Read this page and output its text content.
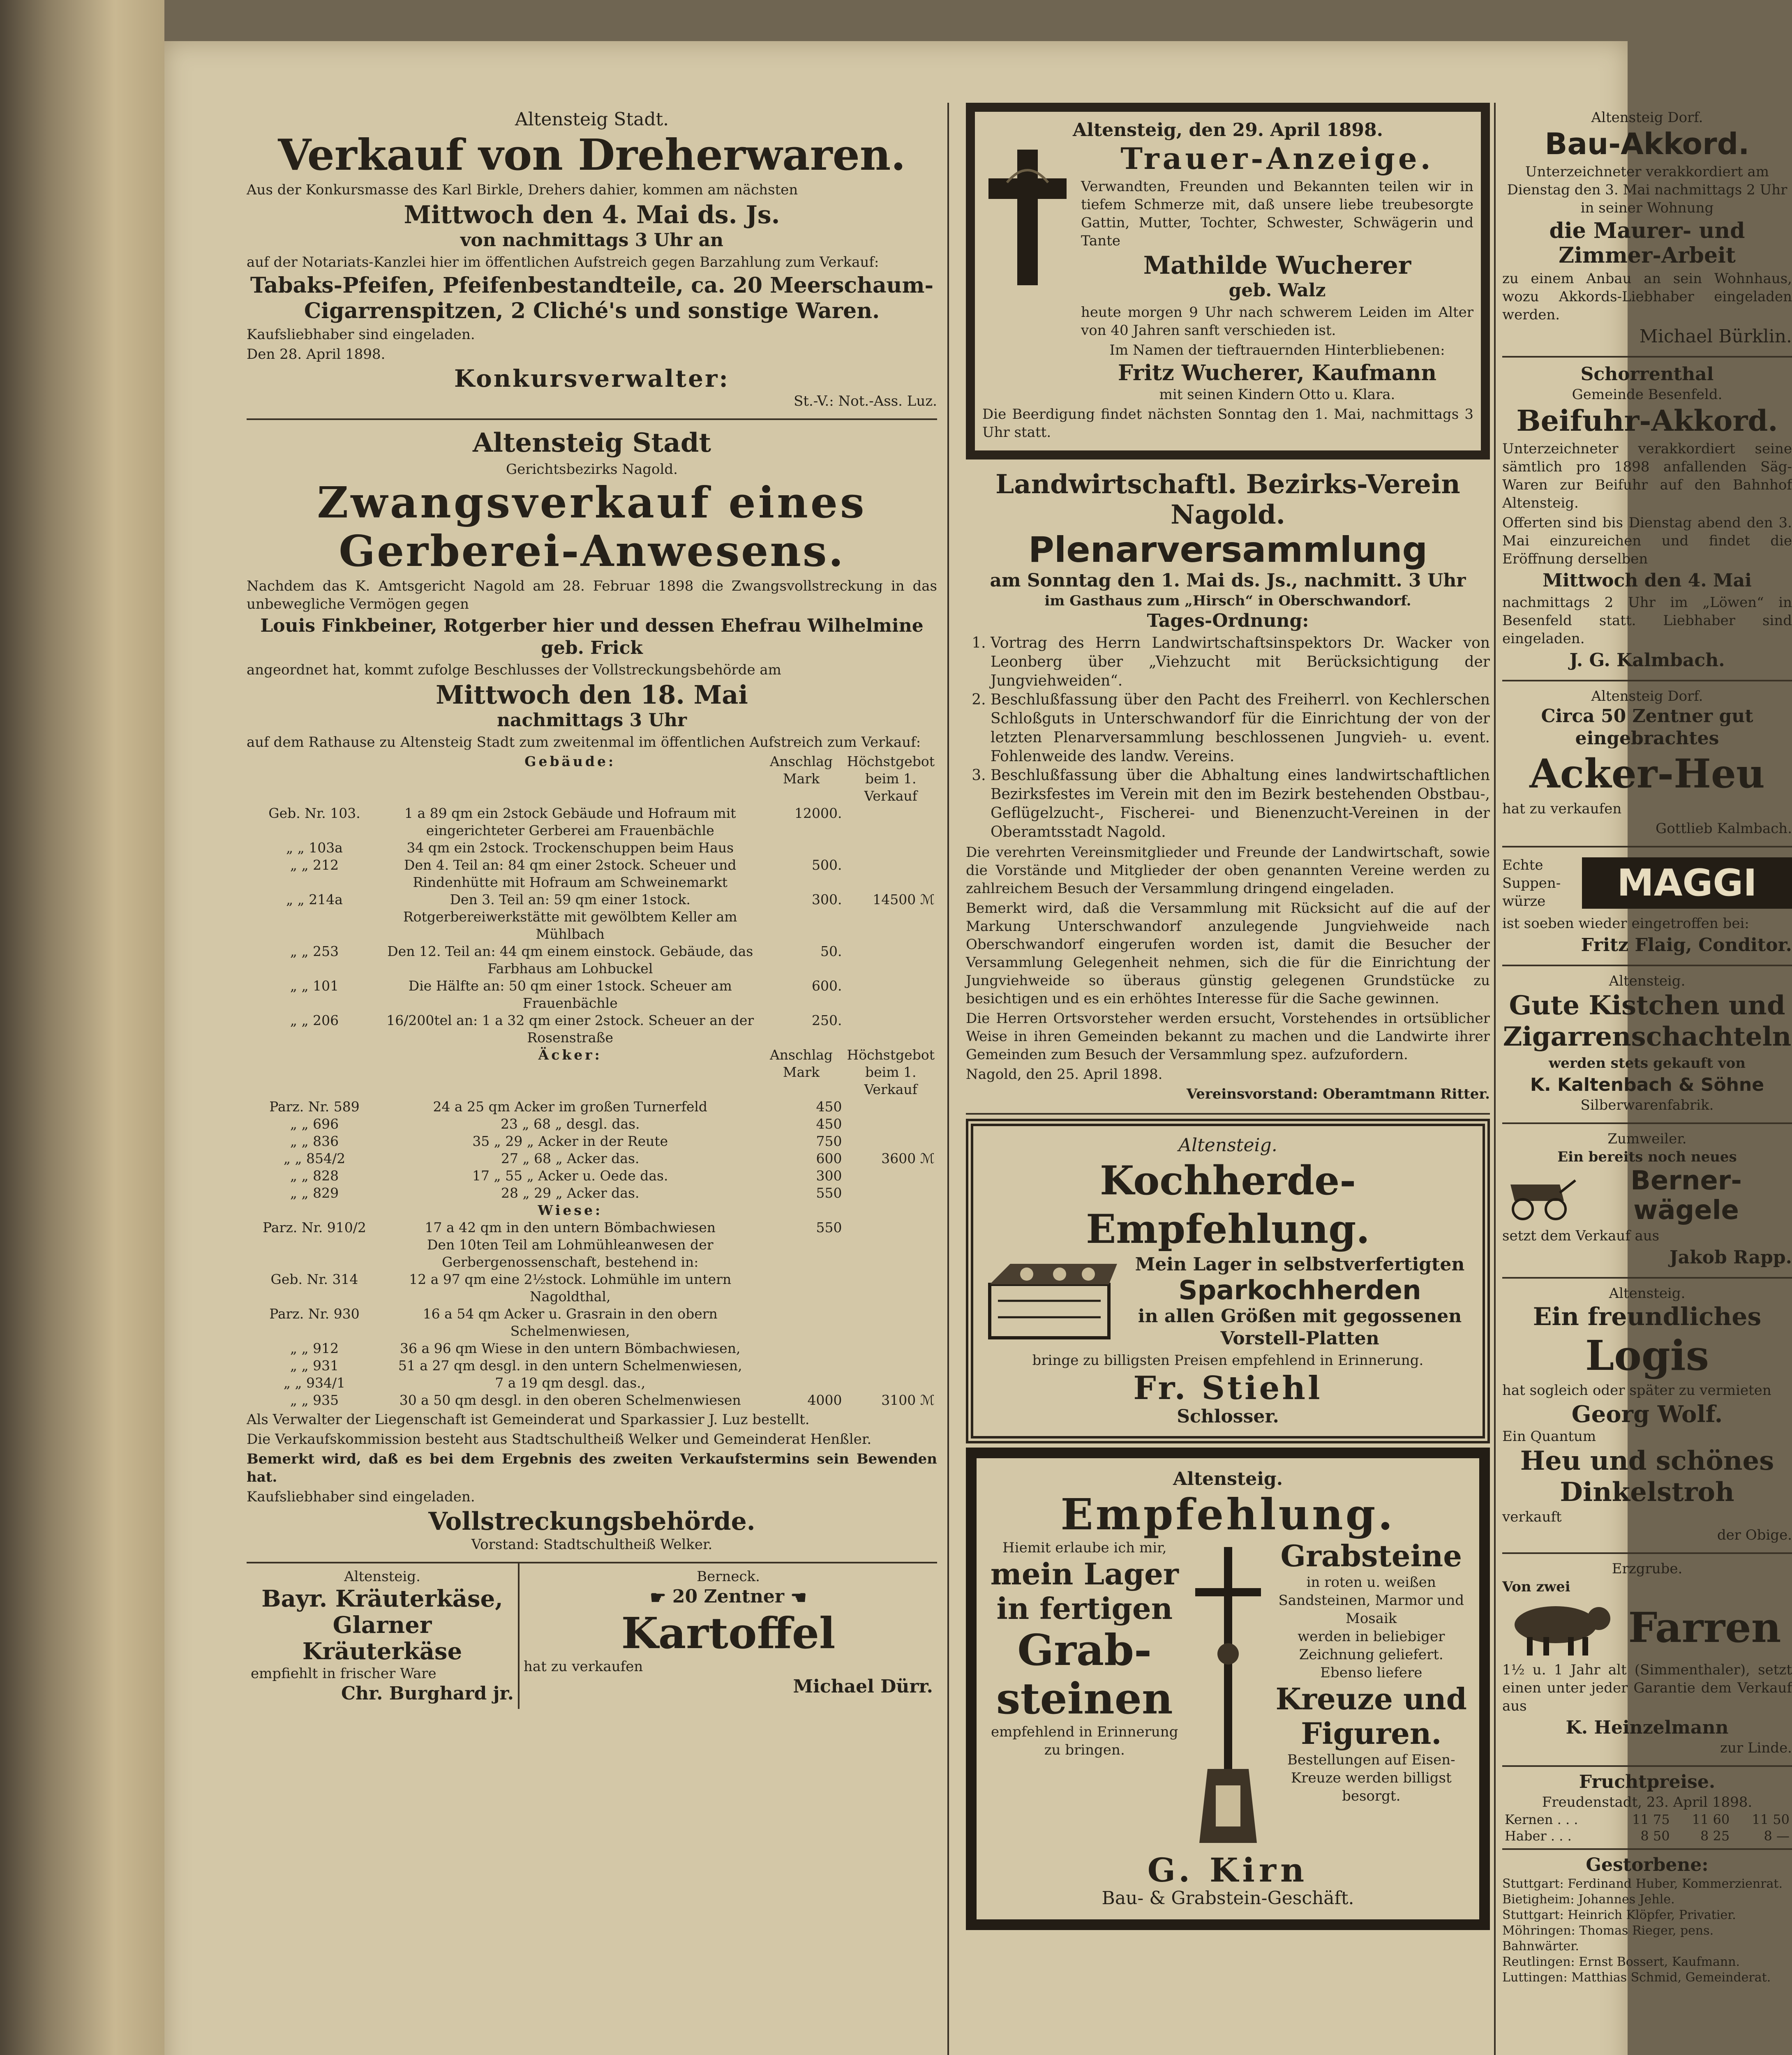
Altensteig Stadt.
Verkauf von Dreherwaren.

Aus der Konkursmasse des Karl Birkle, Drehers dahier, kommen am nächsten

Mittwoch den 4. Mai ds. Js.
von nachmittags 3 Uhr an

auf der Notariats-Kanzlei hier im öffentlichen Aufstreich gegen Barzahlung zum Verkauf:

Tabaks-Pfeifen, Pfeifenbestandteile, ca. 20 Meerschaum-Cigarrenspitzen, 2 Cliché's und sonstige Waren.

Kaufsliebhaber sind eingeladen.

Den 28. April 1898.

Konkursverwalter:
St.-V.: Not.-Ass. Luz.
Altensteig Stadt
Gerichtsbezirks Nagold.
Zwangsverkauf eines
Gerberei-Anwesens.

Nachdem das K. Amtsgericht Nagold am 28. Februar 1898 die Zwangsvollstreckung in das unbewegliche Vermögen gegen

Louis Finkbeiner, Rotgerber hier und dessen Ehefrau Wilhelmine geb. Frick

angeordnet hat, kommt zufolge Beschlusses der Vollstreckungsbehörde am

Mittwoch den 18. Mai
nachmittags 3 Uhr

auf dem Rathause zu Altensteig Stadt zum zweitenmal im öffentlichen Aufstreich zum Verkauf:

	Gebäude:	Anschlag Mark	Höchstgebot beim 1. Verkauf
Geb. Nr. 103.	1 a 89 qm ein 2stock Gebäude und Hofraum mit eingerichteter Gerberei am Frauenbächle	12000.	
„ „ 103a	34 qm ein 2stock. Trockenschuppen beim Haus		
„ „ 212	Den 4. Teil an: 84 qm einer 2stock. Scheuer und Rindenhütte mit Hofraum am Schweinemarkt	500.	
„ „ 214a	Den 3. Teil an: 59 qm einer 1stock. Rotgerbereiwerkstätte mit gewölbtem Keller am Mühlbach	300.	14500 ℳ
„ „ 253	Den 12. Teil an: 44 qm einem einstock. Gebäude, das Farbhaus am Lohbuckel	50.	
„ „ 101	Die Hälfte an: 50 qm einer 1stock. Scheuer am Frauenbächle	600.	
„ „ 206	16/200tel an: 1 a 32 qm einer 2stock. Scheuer an der Rosenstraße	250.	
	Äcker:	Anschlag Mark	Höchstgebot beim 1. Verkauf
Parz. Nr. 589	24 a 25 qm Acker im großen Turnerfeld	450	
„ „ 696	23 „ 68 „ desgl. das.	450	
„ „ 836	35 „ 29 „ Acker in der Reute	750	
„ „ 854/2	27 „ 68 „ Acker das.	600	3600 ℳ
„ „ 828	17 „ 55 „ Acker u. Oede das.	300	
„ „ 829	28 „ 29 „ Acker das.	550	
	Wiese:		
Parz. Nr. 910/2	17 a 42 qm in den untern Bömbachwiesen	550	
	Den 10ten Teil am Lohmühleanwesen der Gerbergenossenschaft, bestehend in:		
Geb. Nr. 314	12 a 97 qm eine 2½stock. Lohmühle im untern Nagoldthal,		
Parz. Nr. 930	16 a 54 qm Acker u. Grasrain in den obern Schelmenwiesen,		
„ „ 912	36 a 96 qm Wiese in den untern Bömbachwiesen,		
„ „ 931	51 a 27 qm desgl. in den untern Schelmenwiesen,		
„ „ 934/1	7 a 19 qm desgl. das.,		
„ „ 935	30 a 50 qm desgl. in den oberen Schelmenwiesen	4000	3100 ℳ

Als Verwalter der Liegenschaft ist Gemeinderat und Sparkassier J. Luz bestellt.

Die Verkaufskommission besteht aus Stadtschultheiß Welker und Gemeinderat Henßler.

Bemerkt wird, daß es bei dem Ergebnis des zweiten Verkaufstermins sein Bewenden hat.

Kaufsliebhaber sind eingeladen.

Vollstreckungsbehörde.
Vorstand: Stadtschultheiß Welker.
Altensteig.
Bayr. Kräuterkäse,
Glarner Kräuterkäse
empfiehlt in frischer Ware
Chr. Burghard jr.
Berneck.
☛ 20 Zentner ☚
Kartoffel
hat zu verkaufen
Michael Dürr.
Altensteig, den 29. April 1898.
Trauer-Anzeige.

Verwandten, Freunden und Bekannten teilen wir in tiefem Schmerze mit, daß unsere liebe treubesorgte Gattin, Mutter, Tochter, Schwester, Schwägerin und Tante

Mathilde Wucherer
geb. Walz

heute morgen 9 Uhr nach schwerem Leiden im Alter von 40 Jahren sanft verschieden ist.

Im Namen der tieftrauernden Hinterbliebenen:

Fritz Wucherer, Kaufmann
mit seinen Kindern Otto u. Klara.

Die Beerdigung findet nächsten Sonntag den 1. Mai, nachmittags 3 Uhr statt.

Landwirtschaftl. Bezirks-Verein Nagold.
Plenarversammlung
am Sonntag den 1. Mai ds. Js., nachmitt. 3 Uhr
im Gasthaus zum „Hirsch“ in Oberschwandorf.
Tages-Ordnung:
1. Vortrag des Herrn Landwirtschaftsinspektors Dr. Wacker von Leonberg über „Viehzucht mit Berücksichtigung der Jungviehweiden“.
2. Beschlußfassung über den Pacht des Freiherrl. von Kechlerschen Schloßguts in Unterschwandorf für die Einrichtung der von der letzten Plenarversammlung beschlossenen Jungvieh- u. event. Fohlenweide des landw. Vereins.
3. Beschlußfassung über die Abhaltung eines landwirtschaftlichen Bezirksfestes im Verein mit den im Bezirk bestehenden Obstbau-, Geflügelzucht-, Fischerei- und Bienenzucht-Vereinen in der Oberamtsstadt Nagold.

Die verehrten Vereinsmitglieder und Freunde der Landwirtschaft, sowie die Vorstände und Mitglieder der oben genannten Vereine werden zu zahlreichem Besuch der Versammlung dringend eingeladen.

Bemerkt wird, daß die Versammlung mit Rücksicht auf die auf der Markung Unterschwandorf anzulegende Jungviehweide nach Oberschwandorf eingerufen worden ist, damit die Besucher der Versammlung Gelegenheit nehmen, sich die für die Einrichtung der Jungviehweide so überaus günstig gelegenen Grundstücke zu besichtigen und es ein erhöhtes Interesse für die Sache gewinnen.

Die Herren Ortsvorsteher werden ersucht, Vorstehendes in ortsüblicher Weise in ihren Gemeinden bekannt zu machen und die Landwirte ihrer Gemeinden zum Besuch der Versammlung spez. aufzufordern.

Nagold, den 25. April 1898.

Vereinsvorstand: Oberamtmann Ritter.

Altensteig.
Kochherde-Empfehlung.
Mein Lager in selbstverfertigten
Sparkochherden
in allen Größen mit gegossenen Vorstell-Platten

bringe zu billigsten Preisen empfehlend in Erinnerung.

Fr. Stiehl
Schlosser.
Altensteig.
Empfehlung.
Hiemit erlaube ich mir,
mein Lager
in fertigen
Grab-
steinen
empfehlend in Erinnerung zu bringen.
Grabsteine
in roten u. weißen Sandsteinen, Marmor und Mosaik
werden in beliebiger Zeichnung geliefert.
Ebenso liefere
Kreuze und Figuren.
Bestellungen auf Eisen-Kreuze werden billigst besorgt.
G. Kirn
Bau- & Grabstein-Geschäft.
Altensteig Dorf.
Bau-Akkord.

Unterzeichneter verakkordiert am Dienstag den 3. Mai nachmittags 2 Uhr in seiner Wohnung

die Maurer- und Zimmer-Arbeit

zu einem Anbau an sein Wohnhaus, wozu Akkords-Liebhaber eingeladen werden.

Michael Bürklin.
Schorrenthal
Gemeinde Besenfeld.
Beifuhr-Akkord.

Unterzeichneter verakkordiert seine sämtlich pro 1898 anfallenden Säg-Waren zur Beifuhr auf den Bahnhof Altensteig.

Offerten sind bis Dienstag abend den 3. Mai einzureichen und findet die Eröffnung derselben

Mittwoch den 4. Mai

nachmittags 2 Uhr im „Löwen“ in Besenfeld statt. Liebhaber sind eingeladen.

J. G. Kalmbach.
Altensteig Dorf.
Circa 50 Zentner gut eingebrachtes
Acker-Heu

hat zu verkaufen

Gottlieb Kalmbach.
Echte
Suppen-
würze	MAGGI

ist soeben wieder eingetroffen bei:

Fritz Flaig, Conditor.
Altensteig.
Gute Kistchen und Zigarrenschachteln

werden stets gekauft von

K. Kaltenbach & Söhne
Silberwarenfabrik.
Zumweiler.
Ein bereits noch neues
Berner-wägele

setzt dem Verkauf aus

Jakob Rapp.
Altensteig.
Ein freundliches
Logis

hat sogleich oder später zu vermieten

Georg Wolf.
Ein Quantum
Heu und schönes Dinkelstroh
verkauft
der Obige.
Erzgrube.
Von zwei
Farren

1½ u. 1 Jahr alt (Simmenthaler), setzt einen unter jeder Garantie dem Verkauf aus

K. Heinzelmann
zur Linde.
Fruchtpreise.
Freudenstadt, 23. April 1898.
Kernen . . .	11 75	11 60	11 50
Haber . . .	8 50	8 25	8 —
Gestorbene:
Stuttgart: Ferdinand Huber, Kommerzienrat.
Bietigheim: Johannes Jehle.
Stuttgart: Heinrich Klöpfer, Privatier.
Möhringen: Thomas Rieger, pens. Bahnwärter.
Reutlingen: Ernst Bossert, Kaufmann.
Luttingen: Matthias Schmid, Gemeinderat.
